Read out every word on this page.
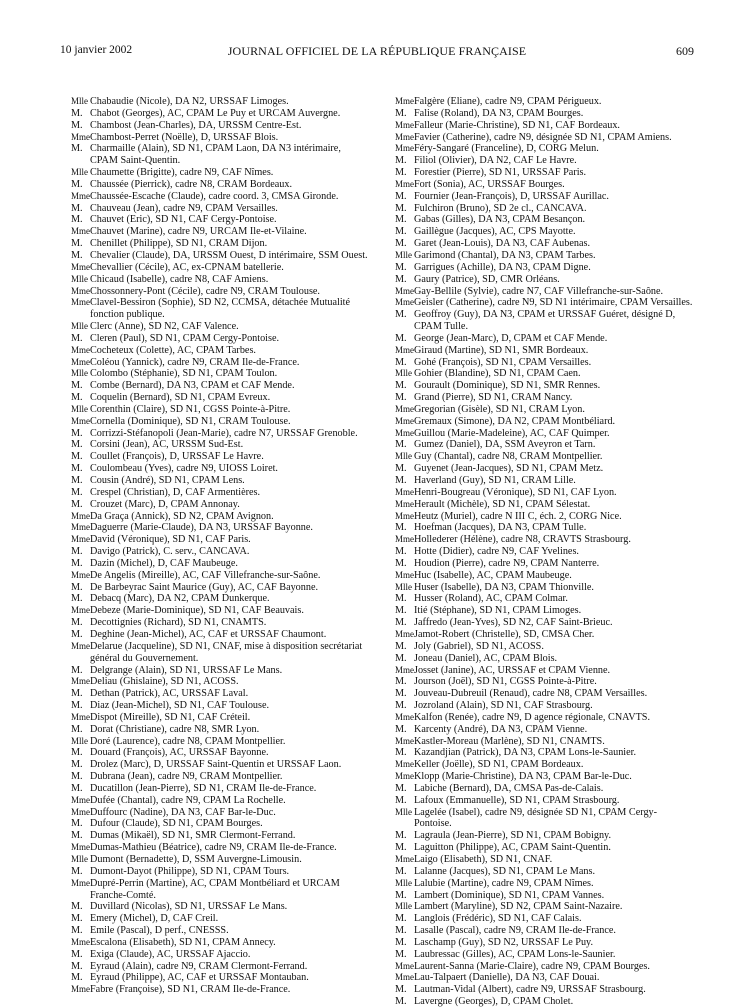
10 janvier 2002	JOURNAL OFFICIEL DE LA RÉPUBLIQUE FRANÇAISE	609
Mlle Chabaudie (Nicole), DA N2, URSSAF Limoges.
M. Chabot (Georges), AC, CPAM Le Puy et URCAM Auvergne.
M. Chambost (Jean-Charles), DA, URSSM Centre-Est.
MmeChambost-Perret (Noëlle), D, URSSAF Blois.
M. Charmaille (Alain), SD N1, CPAM Laon, DA N3 intérimaire, CPAM Saint-Quentin.
Mlle Chaumette (Brigitte), cadre N9, CAF Nîmes.
M. Chaussée (Pierrick), cadre N8, CRAM Bordeaux.
MmeChaussée-Escache (Claude), cadre coord. 3, CMSA Gironde.
M. Chauveau (Jean), cadre N9, CPAM Versailles.
M. Chauvet (Eric), SD N1, CAF Cergy-Pontoise.
MmeChauvet (Marine), cadre N9, URCAM Ile-et-Vilaine.
M. Chenillet (Philippe), SD N1, CRAM Dijon.
M. Chevalier (Claude), DA, URSSM Ouest, D intérimaire, SSM Ouest.
MmeChevallier (Cécile), AC, ex-CPNAM batellerie.
Mlle Chicaud (Isabelle), cadre N8, CAF Amiens.
MmeChossonnery-Pont (Cécile), cadre N9, CRAM Toulouse.
MmeClavel-Bessiron (Sophie), SD N2, CCMSA, détachée Mutualité fonction publique.
Mlle Clerc (Anne), SD N2, CAF Valence.
M. Cleren (Paul), SD N1, CPAM Cergy-Pontoise.
MmeCocheteux (Colette), AC, CPAM Tarbes.
MmeColéou (Yannick), cadre N9, CRAM Ile-de-France.
Mlle Colombo (Stéphanie), SD N1, CPAM Toulon.
M. Combe (Bernard), DA N3, CPAM et CAF Mende.
M. Coquelin (Bernard), SD N1, CPAM Evreux.
Mlle Corenthin (Claire), SD N1, CGSS Pointe-à-Pitre.
MmeCornella (Dominique), SD N1, CRAM Toulouse.
M. Corrizzi-Stéfanopoli (Jean-Marie), cadre N7, URSSAF Grenoble.
M. Corsini (Jean), AC, URSSM Sud-Est.
M. Coullet (François), D, URSSAF Le Havre.
M. Coulombeau (Yves), cadre N9, UIOSS Loiret.
M. Cousin (André), SD N1, CPAM Lens.
M. Crespel (Christian), D, CAF Armentières.
M. Crouzet (Marc), D, CPAM Annonay.
MmeDa Graça (Annick), SD N2, CPAM Avignon.
MmeDaguerre (Marie-Claude), DA N3, URSSAF Bayonne.
MmeDavid (Véronique), SD N1, CAF Paris.
M. Davigo (Patrick), C. serv., CANCAVA.
M. Dazin (Michel), D, CAF Maubeuge.
MmeDe Angelis (Mireille), AC, CAF Villefranche-sur-Saône.
M. De Barbeyrac Saint Maurice (Guy), AC, CAF Bayonne.
M. Debacq (Marc), DA N2, CPAM Dunkerque.
MmeDebeze (Marie-Dominique), SD N1, CAF Beauvais.
M. Decottignies (Richard), SD N1, CNAMTS.
M. Deghine (Jean-Michel), AC, CAF et URSSAF Chaumont.
MmeDelarue (Jacqueline), SD N1, CNAF, mise à disposition secrétariat général du Gouvernement.
M. Delgrange (Alain), SD N1, URSSAF Le Mans.
MmeDeliau (Ghislaine), SD N1, ACOSS.
M. Dethan (Patrick), AC, URSSAF Laval.
M. Diaz (Jean-Michel), SD N1, CAF Toulouse.
MmeDispot (Mireille), SD N1, CAF Créteil.
M. Dorat (Christiane), cadre N8, SMR Lyon.
Mlle Doré (Laurence), cadre N8, CPAM Montpellier.
M. Douard (François), AC, URSSAF Bayonne.
M. Drolez (Marc), D, URSSAF Saint-Quentin et URSSAF Laon.
M. Dubrana (Jean), cadre N9, CRAM Montpellier.
M. Ducatillon (Jean-Pierre), SD N1, CRAM Ile-de-France.
MmeDufée (Chantal), cadre N9, CPAM La Rochelle.
MmeDuffourc (Nadine), DA N3, CAF Bar-le-Duc.
M. Dufour (Claude), SD N1, CPAM Bourges.
M. Dumas (Mikaël), SD N1, SMR Clermont-Ferrand.
MmeDumas-Mathieu (Béatrice), cadre N9, CRAM Ile-de-France.
Mlle Dumont (Bernadette), D, SSM Auvergne-Limousin.
M. Dumont-Dayot (Philippe), SD N1, CPAM Tours.
MmeDupré-Perrin (Martine), AC, CPAM Montbéliard et URCAM Franche-Comté.
M. Duvillard (Nicolas), SD N1, URSSAF Le Mans.
M. Emery (Michel), D, CAF Creil.
M. Emile (Pascal), D perf., CNESSS.
MmeEscalona (Elisabeth), SD N1, CPAM Annecy.
M. Exiga (Claude), AC, URSSAF Ajaccio.
M. Eyraud (Alain), cadre N9, CRAM Clermont-Ferrand.
M. Eyraud (Philippe), AC, CAF et URSSAF Montauban.
MmeFabre (Françoise), SD N1, CRAM Ile-de-France.
MmeFalgère (Eliane), cadre N9, CPAM Périgueux.
M. Falise (Roland), DA N3, CPAM Bourges.
MmeFalleur (Marie-Christine), SD N1, CAF Bordeaux.
MmeFavier (Catherine), cadre N9, désignée SD N1, CPAM Amiens.
MmeFéry-Sangaré (Franceline), D, CORG Melun.
M. Filiol (Olivier), DA N2, CAF Le Havre.
M. Forestier (Pierre), SD N1, URSSAF Paris.
MmeFort (Sonia), AC, URSSAF Bourges.
M. Fournier (Jean-François), D, URSSAF Aurillac.
M. Fulchiron (Bruno), SD 2e cl., CANCAVA.
M. Gabas (Gilles), DA N3, CPAM Besançon.
M. Gaillègue (Jacques), AC, CPS Mayotte.
M. Garet (Jean-Louis), DA N3, CAF Aubenas.
Mlle Garimond (Chantal), DA N3, CPAM Tarbes.
M. Garrigues (Achille), DA N3, CPAM Digne.
M. Gaury (Patrice), SD, CMR Orléans.
MmeGay-Bellile (Sylvie), cadre N7, CAF Villefranche-sur-Saône.
MmeGeisler (Catherine), cadre N9, SD N1 intérimaire, CPAM Versailles.
M. Geoffroy (Guy), DA N3, CPAM et URSSAF Guéret, désigné D, CPAM Tulle.
M. George (Jean-Marc), D, CPAM et CAF Mende.
MmeGiraud (Martine), SD N1, SMR Bordeaux.
M. Gohé (François), SD N1, CPAM Versailles.
Mlle Gohier (Blandine), SD N1, CPAM Caen.
M. Gourault (Dominique), SD N1, SMR Rennes.
M. Grand (Pierre), SD N1, CRAM Nancy.
MmeGregorian (Gisèle), SD N1, CRAM Lyon.
MmeGremaux (Simone), DA N2, CPAM Montbéliard.
MmeGuillou (Marie-Madeleine), AC, CAF Quimper.
M. Gumez (Daniel), DA, SSM Aveyron et Tarn.
Mlle Guy (Chantal), cadre N8, CRAM Montpellier.
M. Guyenet (Jean-Jacques), SD N1, CPAM Metz.
M. Haverland (Guy), SD N1, CRAM Lille.
MmeHenri-Bougreau (Véronique), SD N1, CAF Lyon.
MmeHerault (Michèle), SD N1, CPAM Sélestat.
MmeHeutz (Muriel), cadre N III C, éch. 2, CORG Nice.
M. Hoefman (Jacques), DA N3, CPAM Tulle.
MmeHollederer (Hélène), cadre N8, CRAVTS Strasbourg.
M. Hotte (Didier), cadre N9, CAF Yvelines.
M. Houdion (Pierre), cadre N9, CPAM Nanterre.
MmeHuc (Isabelle), AC, CPAM Maubeuge.
Mlle Huser (Isabelle), DA N3, CPAM Thionville.
M. Husser (Roland), AC, CPAM Colmar.
M. Itié (Stéphane), SD N1, CPAM Limoges.
M. Jaffredo (Jean-Yves), SD N2, CAF Saint-Brieuc.
MmeJamot-Robert (Christelle), SD, CMSA Cher.
M. Joly (Gabriel), SD N1, ACOSS.
M. Joneau (Daniel), AC, CPAM Blois.
MmeJosset (Janine), AC, URSSAF et CPAM Vienne.
M. Jourson (Joël), SD N1, CGSS Pointe-à-Pitre.
M. Jouveau-Dubreuil (Renaud), cadre N8, CPAM Versailles.
M. Jozroland (Alain), SD N1, CAF Strasbourg.
MmeKalfon (Renée), cadre N9, D agence régionale, CNAVTS.
M. Karcenty (André), DA N3, CPAM Vienne.
MmeKastler-Moreau (Marlène), SD N1, CNAMTS.
M. Kazandjian (Patrick), DA N3, CPAM Lons-le-Saunier.
MmeKeller (Joëlle), SD N1, CPAM Bordeaux.
MmeKlopp (Marie-Christine), DA N3, CPAM Bar-le-Duc.
M. Labiche (Bernard), DA, CMSA Pas-de-Calais.
M. Lafoux (Emmanuelle), SD N1, CPAM Strasbourg.
Mlle Lagelée (Isabel), cadre N9, désignée SD N1, CPAM Cergy-Pontoise.
M. Lagraula (Jean-Pierre), SD N1, CPAM Bobigny.
M. Laguitton (Philippe), AC, CPAM Saint-Quentin.
MmeLaigo (Elisabeth), SD N1, CNAF.
M. Lalanne (Jacques), SD N1, CPAM Le Mans.
Mlle Lalubie (Martine), cadre N9, CPAM Nîmes.
M. Lambert (Dominique), SD N1, CPAM Vannes.
Mlle Lambert (Maryline), SD N2, CPAM Saint-Nazaire.
M. Langlois (Frédéric), SD N1, CAF Calais.
M. Lasalle (Pascal), cadre N9, CRAM Ile-de-France.
M. Laschamp (Guy), SD N2, URSSAF Le Puy.
M. Laubressac (Gilles), AC, CPAM Lons-le-Saunier.
MmeLaurent-Sanna (Marie-Claire), cadre N9, CPAM Bourges.
MmeLau-Talpaert (Danielle), DA N3, CAF Douai.
M. Lautman-Vidal (Albert), cadre N9, URSSAF Strasbourg.
M. Lavergne (Georges), D, CPAM Cholet.
